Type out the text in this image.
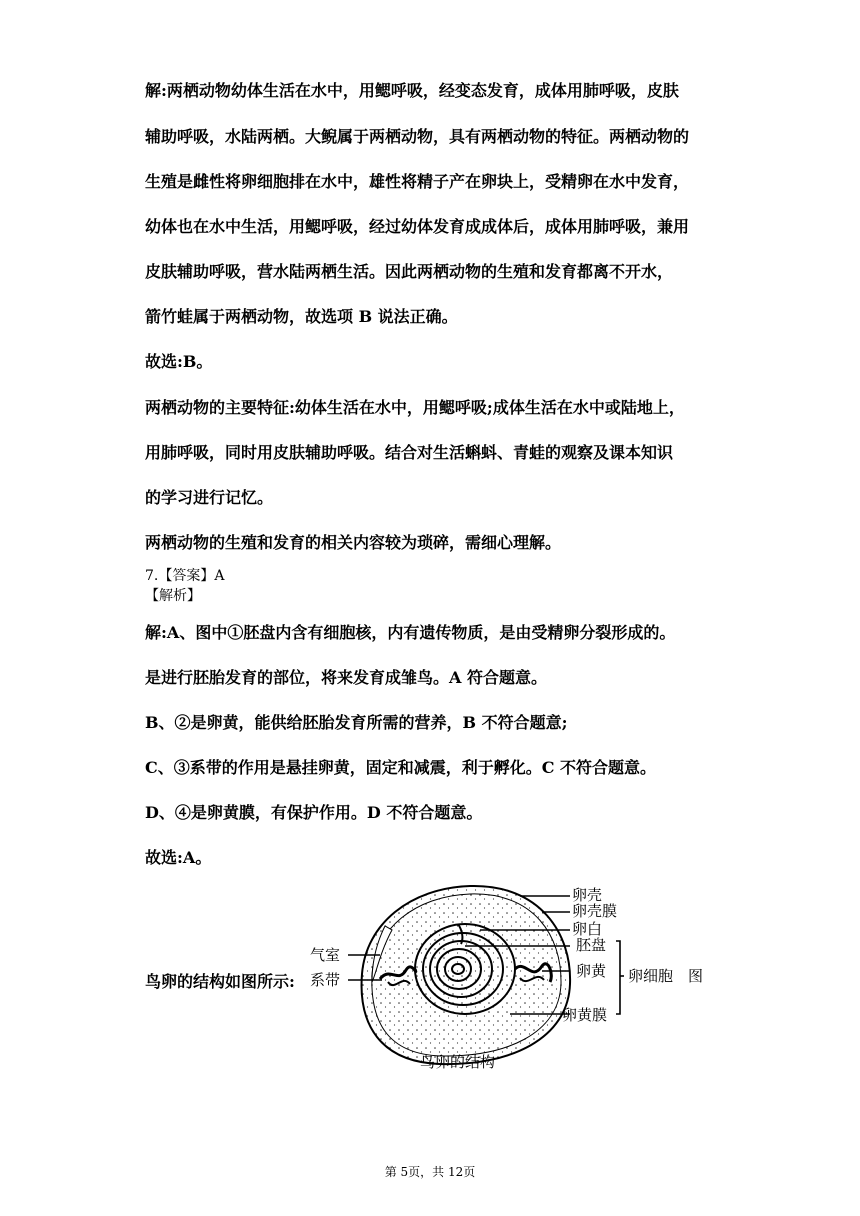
解:两栖动物幼体生活在水中，用鳃呼吸，经变态发育，成体用肺呼吸，皮肤
辅助呼吸，水陆两栖。大鲵属于两栖动物，具有两栖动物的特征。两栖动物的
生殖是雌性将卵细胞排在水中，雄性将精子产在卵块上，受精卵在水中发育，
幼体也在水中生活，用鳃呼吸，经过幼体发育成成体后，成体用肺呼吸，兼用
皮肤辅助呼吸，营水陆两栖生活。因此两栖动物的生殖和发育都离不开水，
箭竹蛙属于两栖动物，故选项 B 说法正确。
故选:B。
两栖动物的主要特征:幼体生活在水中，用鳃呼吸;成体生活在水中或陆地上，
用肺呼吸，同时用皮肤辅助呼吸。结合对生活蝌蚪、青蛙的观察及课本知识
的学习进行记忆。
两栖动物的生殖和发育的相关内容较为琐碎，需细心理解。
7.【答案】A
【解析】
解:A、图中①胚盘内含有细胞核，内有遗传物质，是由受精卵分裂形成的。
是进行胚胎发育的部位，将来发育成雏鸟。A 符合题意。
B、②是卵黄，能供给胚胎发育所需的营养，B 不符合题意;
C、③系带的作用是悬挂卵黄，固定和减震，利于孵化。C 不符合题意。
D、④是卵黄膜，有保护作用。D 不符合题意。
故选:A。
鸟卵的结构如图所示:
卵壳
卵壳膜
卵白
胚盘
卵黄
卵黄膜
气室
系带	卵细胞 图
鸟卵的结构
第 5页，共 12页
